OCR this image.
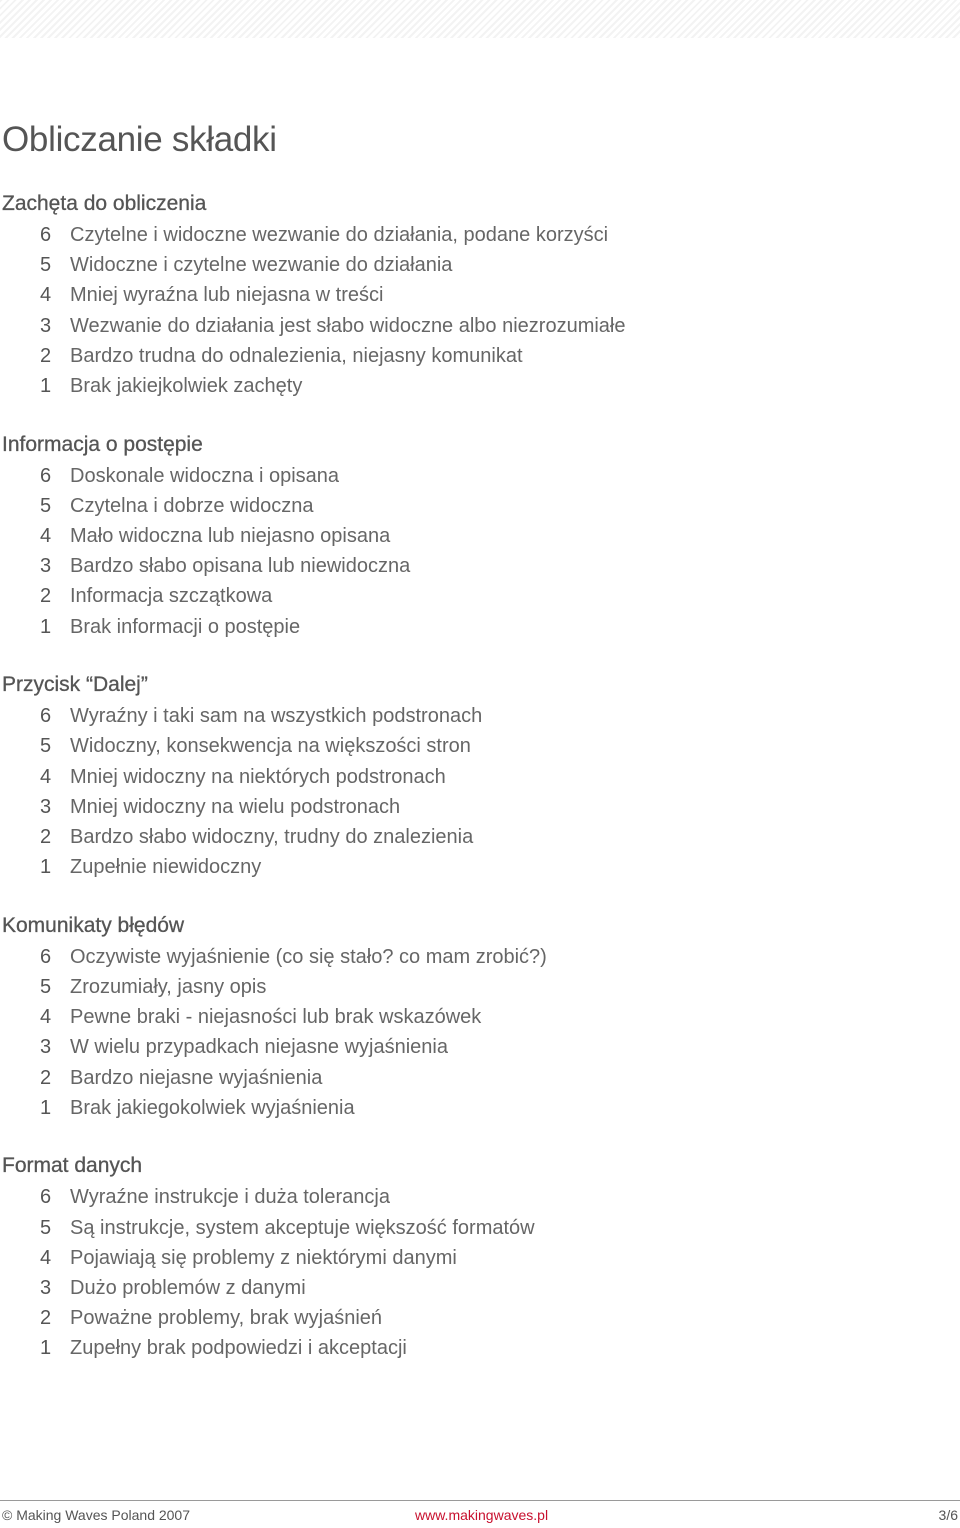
Obliczanie składki
Zachęta do obliczenia
6 Czytelne i widoczne wezwanie do działania, podane korzyści
5 Widoczne i czytelne wezwanie do działania
4 Mniej wyraźna lub niejasna w treści
3 Wezwanie do działania jest słabo widoczne albo niezrozumiałe
2 Bardzo trudna do odnalezienia, niejasny komunikat
1 Brak jakiejkolwiek zachęty
Informacja o postępie
6 Doskonale widoczna i opisana
5 Czytelna i dobrze widoczna
4 Mało widoczna lub niejasno opisana
3 Bardzo słabo opisana lub niewidoczna
2 Informacja szczątkowa
1 Brak informacji o postępie
Przycisk “Dalej”
6 Wyraźny i taki sam na wszystkich podstronach
5 Widoczny, konsekwencja na większości stron
4 Mniej widoczny na niektórych podstronach
3 Mniej widoczny na wielu podstronach
2 Bardzo słabo widoczny, trudny do znalezienia
1 Zupełnie niewidoczny
Komunikaty błędów
6 Oczywiste wyjaśnienie (co się stało? co mam zrobić?)
5 Zrozumiały, jasny opis
4 Pewne braki - niejasności lub brak wskazówek
3 W wielu przypadkach niejasne wyjaśnienia
2 Bardzo niejasne wyjaśnienia
1 Brak jakiegokolwiek wyjaśnienia
Format danych
6 Wyraźne instrukcje i duża tolerancja
5 Są instrukcje, system akceptuje większość formatów
4 Pojawiają się problemy z niektórymi danymi
3 Dużo problemów z danymi
2 Poważne problemy, brak wyjaśnień
1 Zupełny brak podpowiedzi i akceptacji
© Making Waves Poland 2007	www.makingwaves.pl	3/6
